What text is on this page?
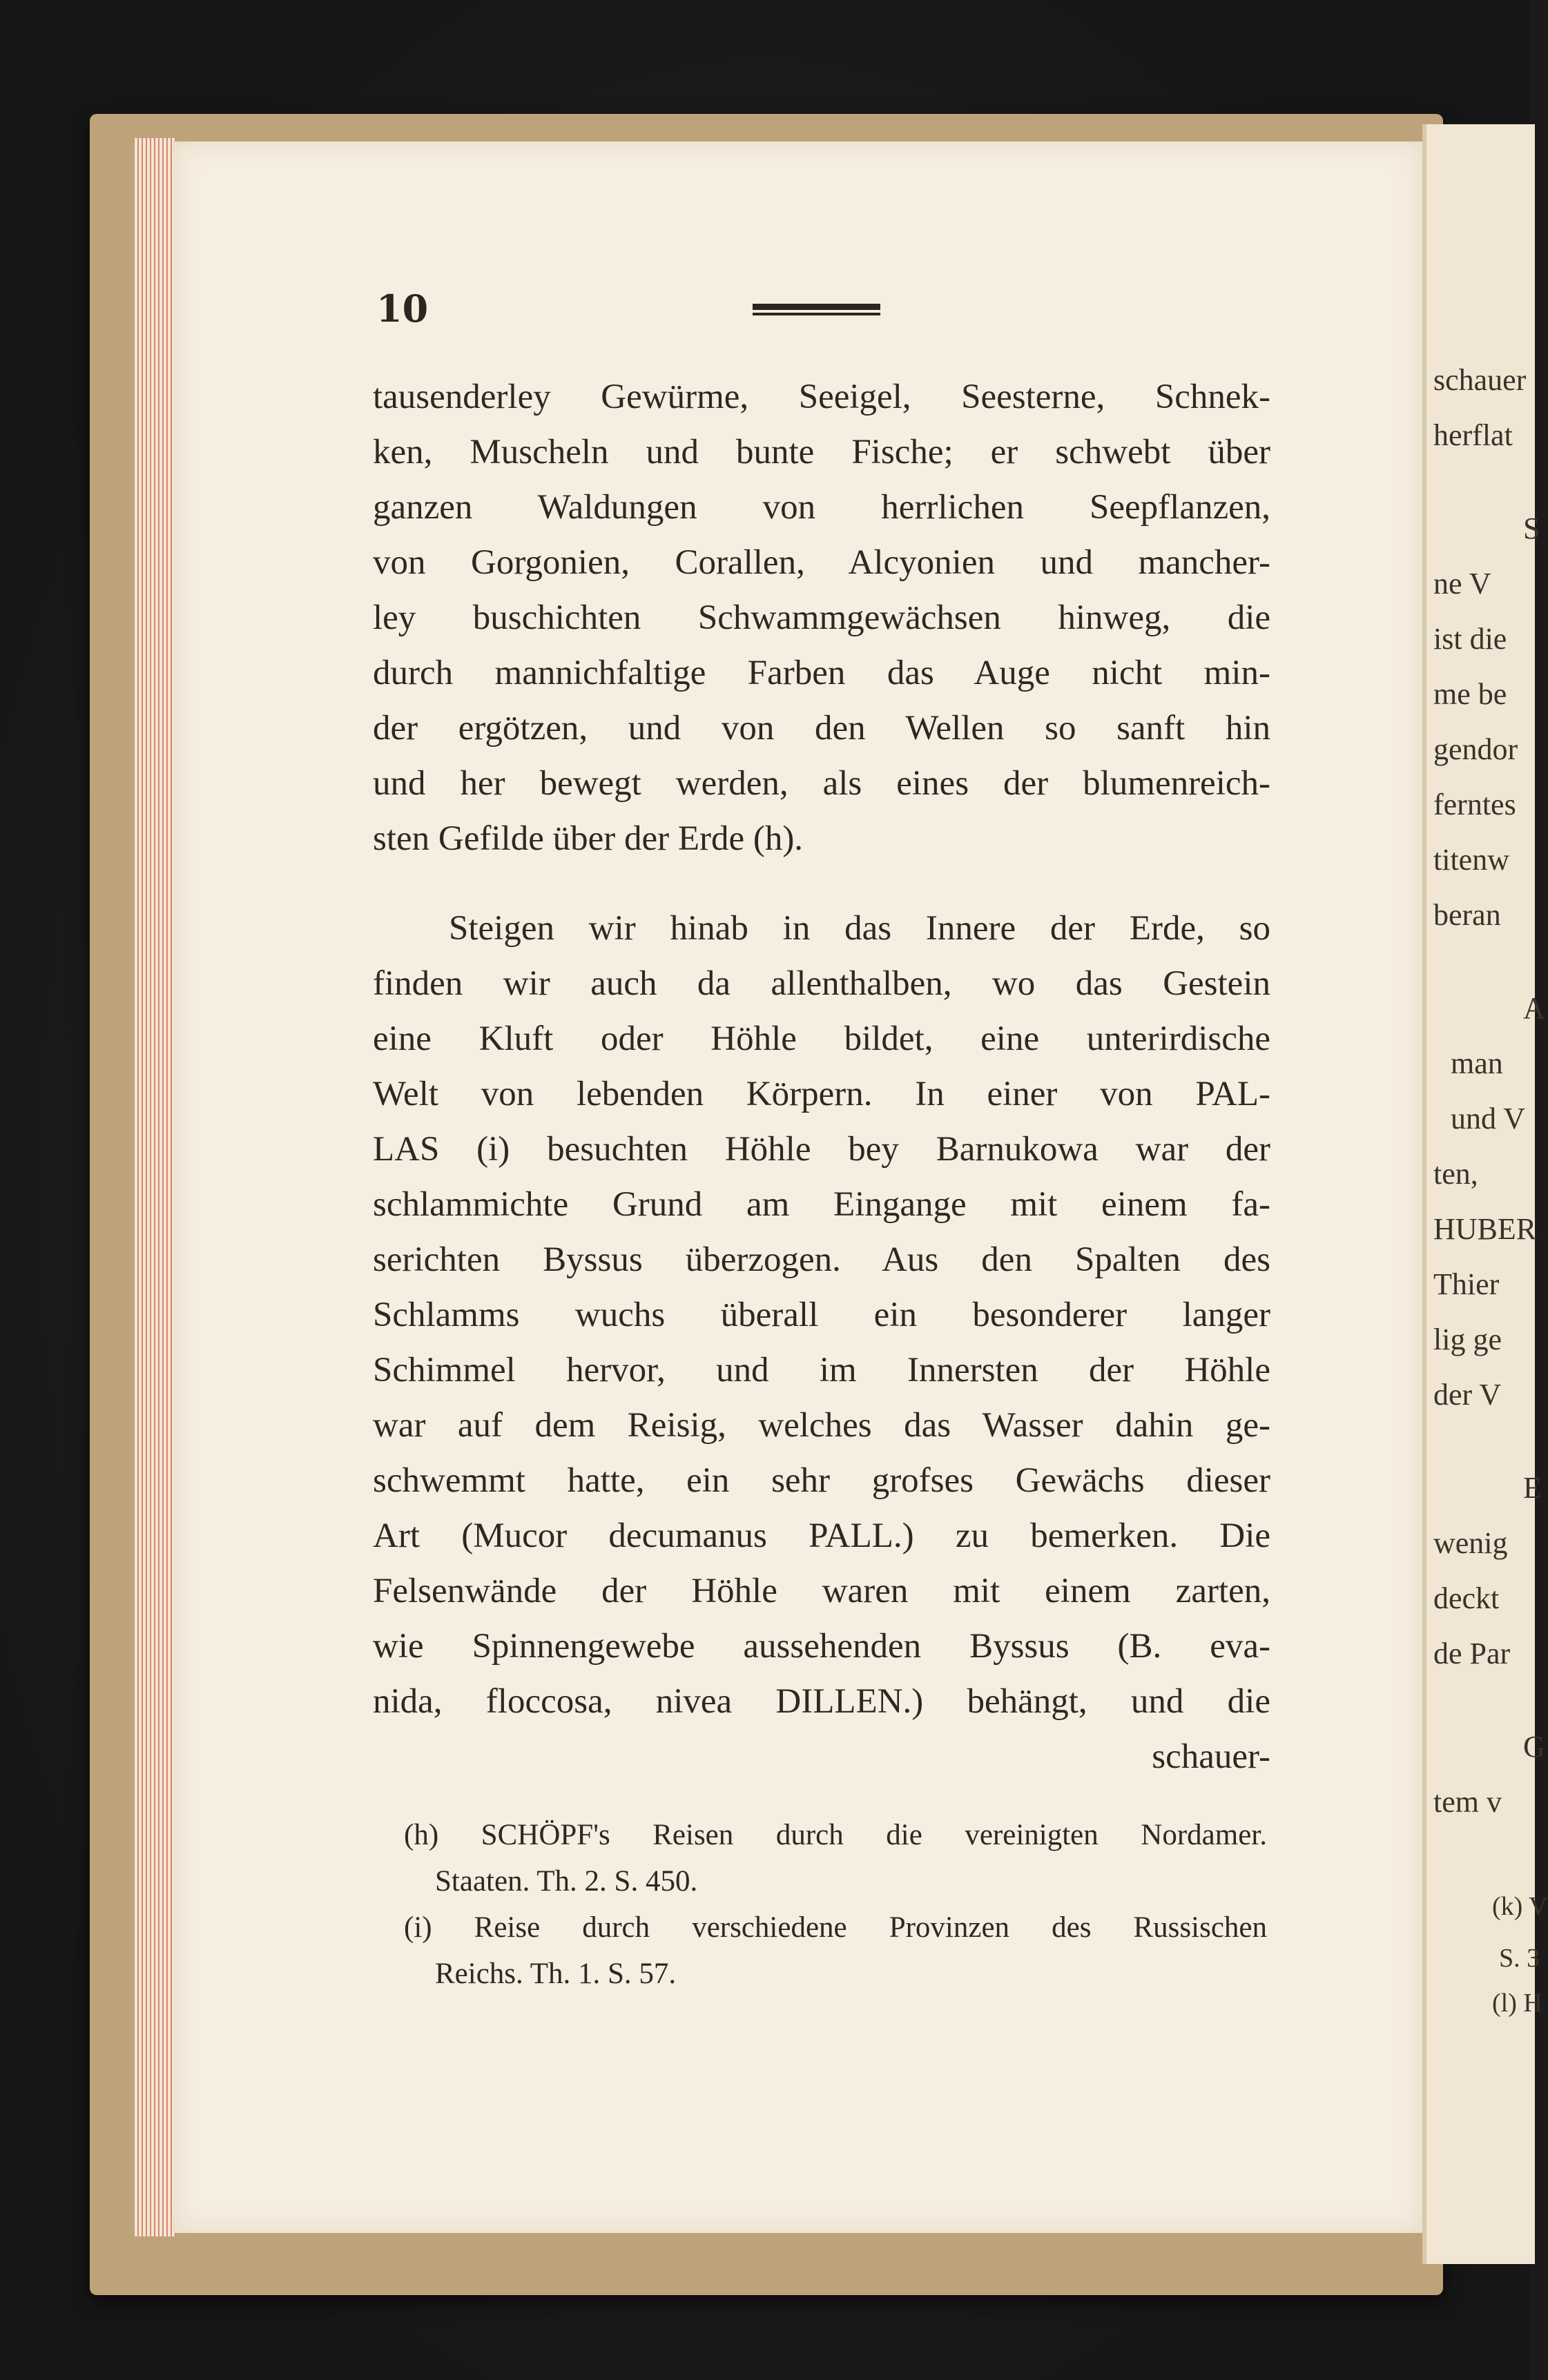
10
tausenderley Gewürme, Seeigel, Seesterne, Schnek-
ken, Muscheln und bunte Fische; er schwebt über
ganzen Waldungen von herrlichen Seepflanzen,
von Gorgonien, Corallen, Alcyonien und mancher-
ley buschichten Schwammgewächsen hinweg, die
durch mannichfaltige Farben das Auge nicht min-
der ergötzen, und von den Wellen so sanft hin
und her bewegt werden, als eines der blumenreich-
sten Gefilde über der Erde (h).
Steigen wir hinab in das Innere der Erde, so
finden wir auch da allenthalben, wo das Gestein
eine Kluft oder Höhle bildet, eine unterirdische
Welt von lebenden Körpern. In einer von PAL-
LAS (i) besuchten Höhle bey Barnukowa war der
schlammichte Grund am Eingange mit einem fa-
serichten Byssus überzogen. Aus den Spalten des
Schlamms wuchs überall ein besonderer langer
Schimmel hervor, und im Innersten der Höhle
war auf dem Reisig, welches das Wasser dahin ge-
schwemmt hatte, ein sehr grofses Gewächs dieser
Art (Mucor decumanus PALL.) zu bemerken. Die
Felsenwände der Höhle waren mit einem zarten,
wie Spinnengewebe aussehenden Byssus (B. eva-
nida, floccosa, nivea DILLEN.) behängt, und die
schauer-
(h) SCHÖPF's Reisen durch die vereinigten Nordamer.
Staaten. Th. 2. S. 450.
(i) Reise durch verschiedene Provinzen des Russischen
Reichs. Th. 1. S. 57.
schauer
herflat
S
ne V
ist die
me be
gendor
ferntes
titenw
beran
A
man
und V
ten,
HUBER
Thier
lig ge
der V
E
wenig
deckt
de Par
G
tem v
(k) V
S. 3
(l) H
